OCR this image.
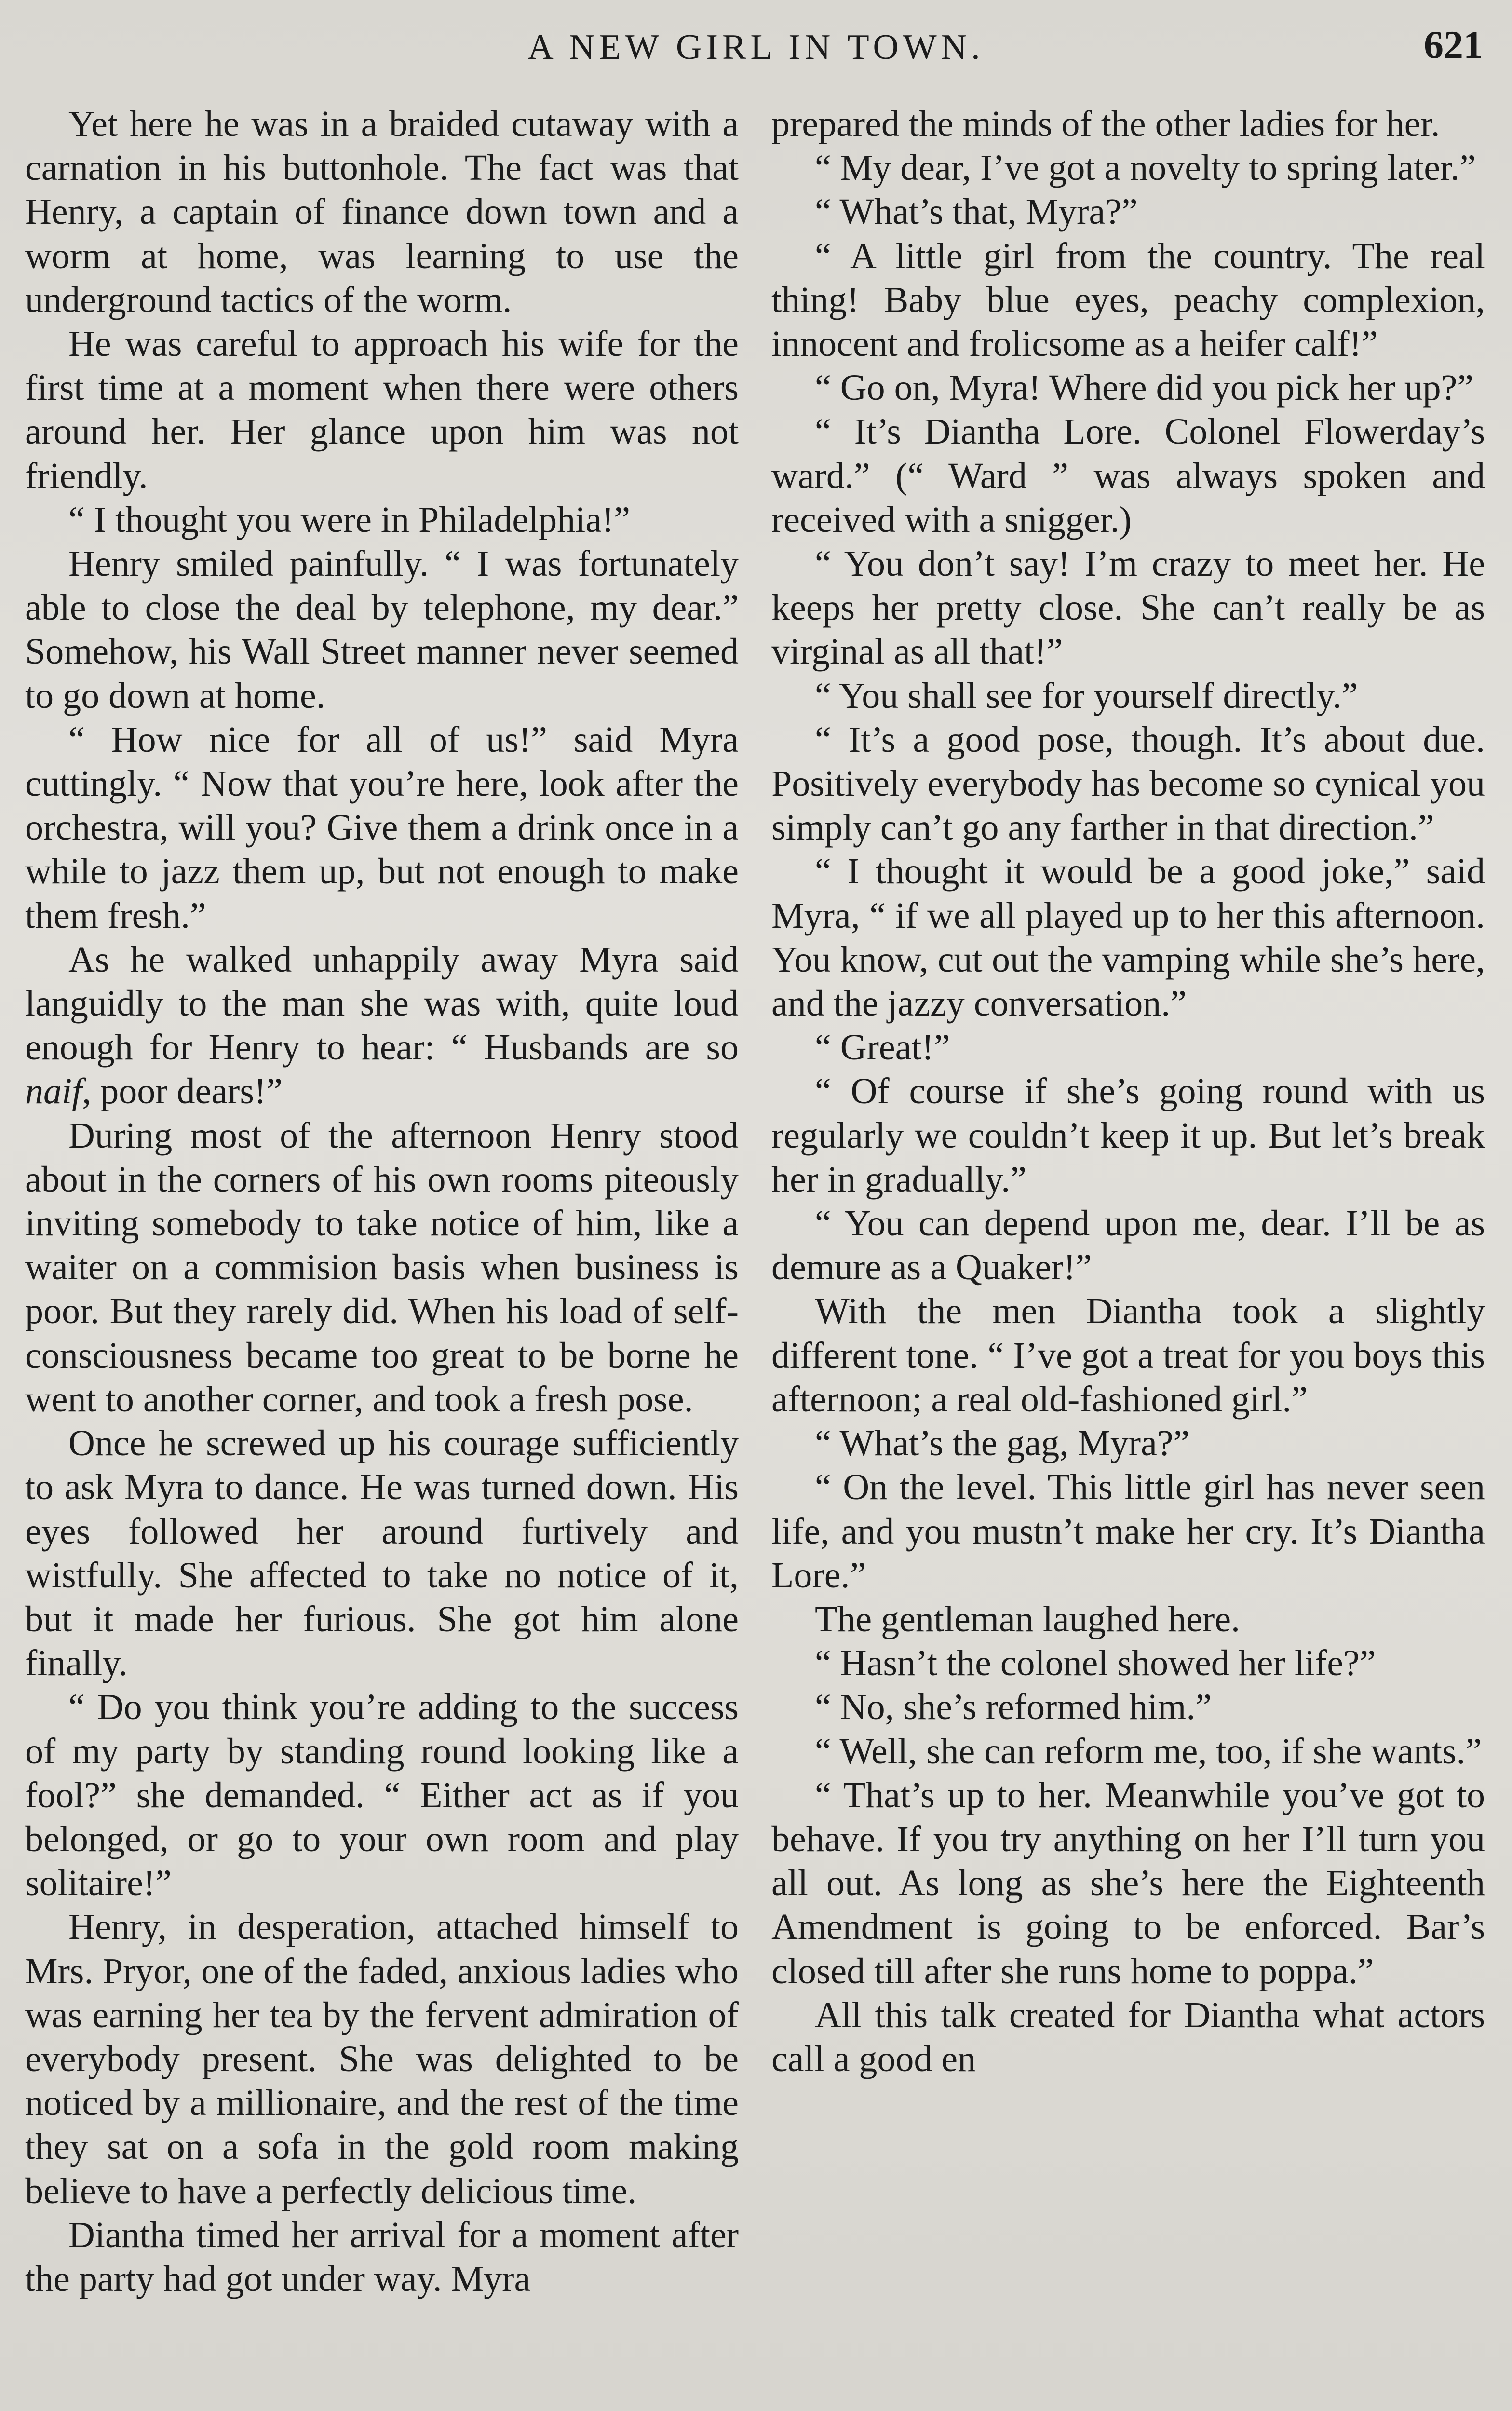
A NEW GIRL IN TOWN.	621

Yet here he was in a braided cutaway with a carnation in his buttonhole. The fact was that Henry, a captain of finance down town and a worm at home, was learning to use the underground tactics of the worm.

He was careful to approach his wife for the first time at a moment when there were others around her. Her glance upon him was not friendly.

“ I thought you were in Philadelphia!”

Henry smiled painfully. “ I was fortunately able to close the deal by telephone, my dear.” Somehow, his Wall Street manner never seemed to go down at home.

“ How nice for all of us!” said Myra cuttingly. “ Now that you’re here, look after the orchestra, will you? Give them a drink once in a while to jazz them up, but not enough to make them fresh.”

As he walked unhappily away Myra said languidly to the man she was with, quite loud enough for Henry to hear: “ Husbands are so naif, poor dears!”

During most of the afternoon Henry stood about in the corners of his own rooms piteously inviting somebody to take notice of him, like a waiter on a commision basis when business is poor. But they rarely did. When his load of self-consciousness became too great to be borne he went to another corner, and took a fresh pose.

Once he screwed up his courage sufficiently to ask Myra to dance. He was turned down. His eyes followed her around furtively and wistfully. She affected to take no notice of it, but it made her furious. She got him alone finally.

“ Do you think you’re adding to the success of my party by standing round looking like a fool?” she demanded. “ Either act as if you belonged, or go to your own room and play solitaire!”

Henry, in desperation, attached himself to Mrs. Pryor, one of the faded, anxious ladies who was earning her tea by the fervent admiration of everybody present. She was delighted to be noticed by a millionaire, and the rest of the time they sat on a sofa in the gold room making believe to have a perfectly delicious time.

Diantha timed her arrival for a moment after the party had got under way. Myra

prepared the minds of the other ladies for her.

“ My dear, I’ve got a novelty to spring later.”

“ What’s that, Myra?”

“ A little girl from the country. The real thing! Baby blue eyes, peachy complexion, innocent and frolicsome as a heifer calf!”

“ Go on, Myra! Where did you pick her up?”

“ It’s Diantha Lore. Colonel Flowerday’s ward.” (“ Ward ” was always spoken and received with a snigger.)

“ You don’t say! I’m crazy to meet her. He keeps her pretty close. She can’t really be as virginal as all that!”

“ You shall see for yourself directly.”

“ It’s a good pose, though. It’s about due. Positively everybody has become so cynical you simply can’t go any farther in that direction.”

“ I thought it would be a good joke,” said Myra, “ if we all played up to her this afternoon. You know, cut out the vamping while she’s here, and the jazzy conversation.”

“ Great!”

“ Of course if she’s going round with us regularly we couldn’t keep it up. But let’s break her in gradually.”

“ You can depend upon me, dear. I’ll be as demure as a Quaker!”

With the men Diantha took a slightly different tone. “ I’ve got a treat for you boys this afternoon; a real old-fashioned girl.”

“ What’s the gag, Myra?”

“ On the level. This little girl has never seen life, and you mustn’t make her cry. It’s Diantha Lore.”

The gentleman laughed here.

“ Hasn’t the colonel showed her life?”

“ No, she’s reformed him.”

“ Well, she can reform me, too, if she wants.”

“ That’s up to her. Meanwhile you’ve got to behave. If you try anything on her I’ll turn you all out. As long as she’s here the Eighteenth Amendment is going to be enforced. Bar’s closed till after she runs home to poppa.”

All this talk created for Diantha what actors call a good en
